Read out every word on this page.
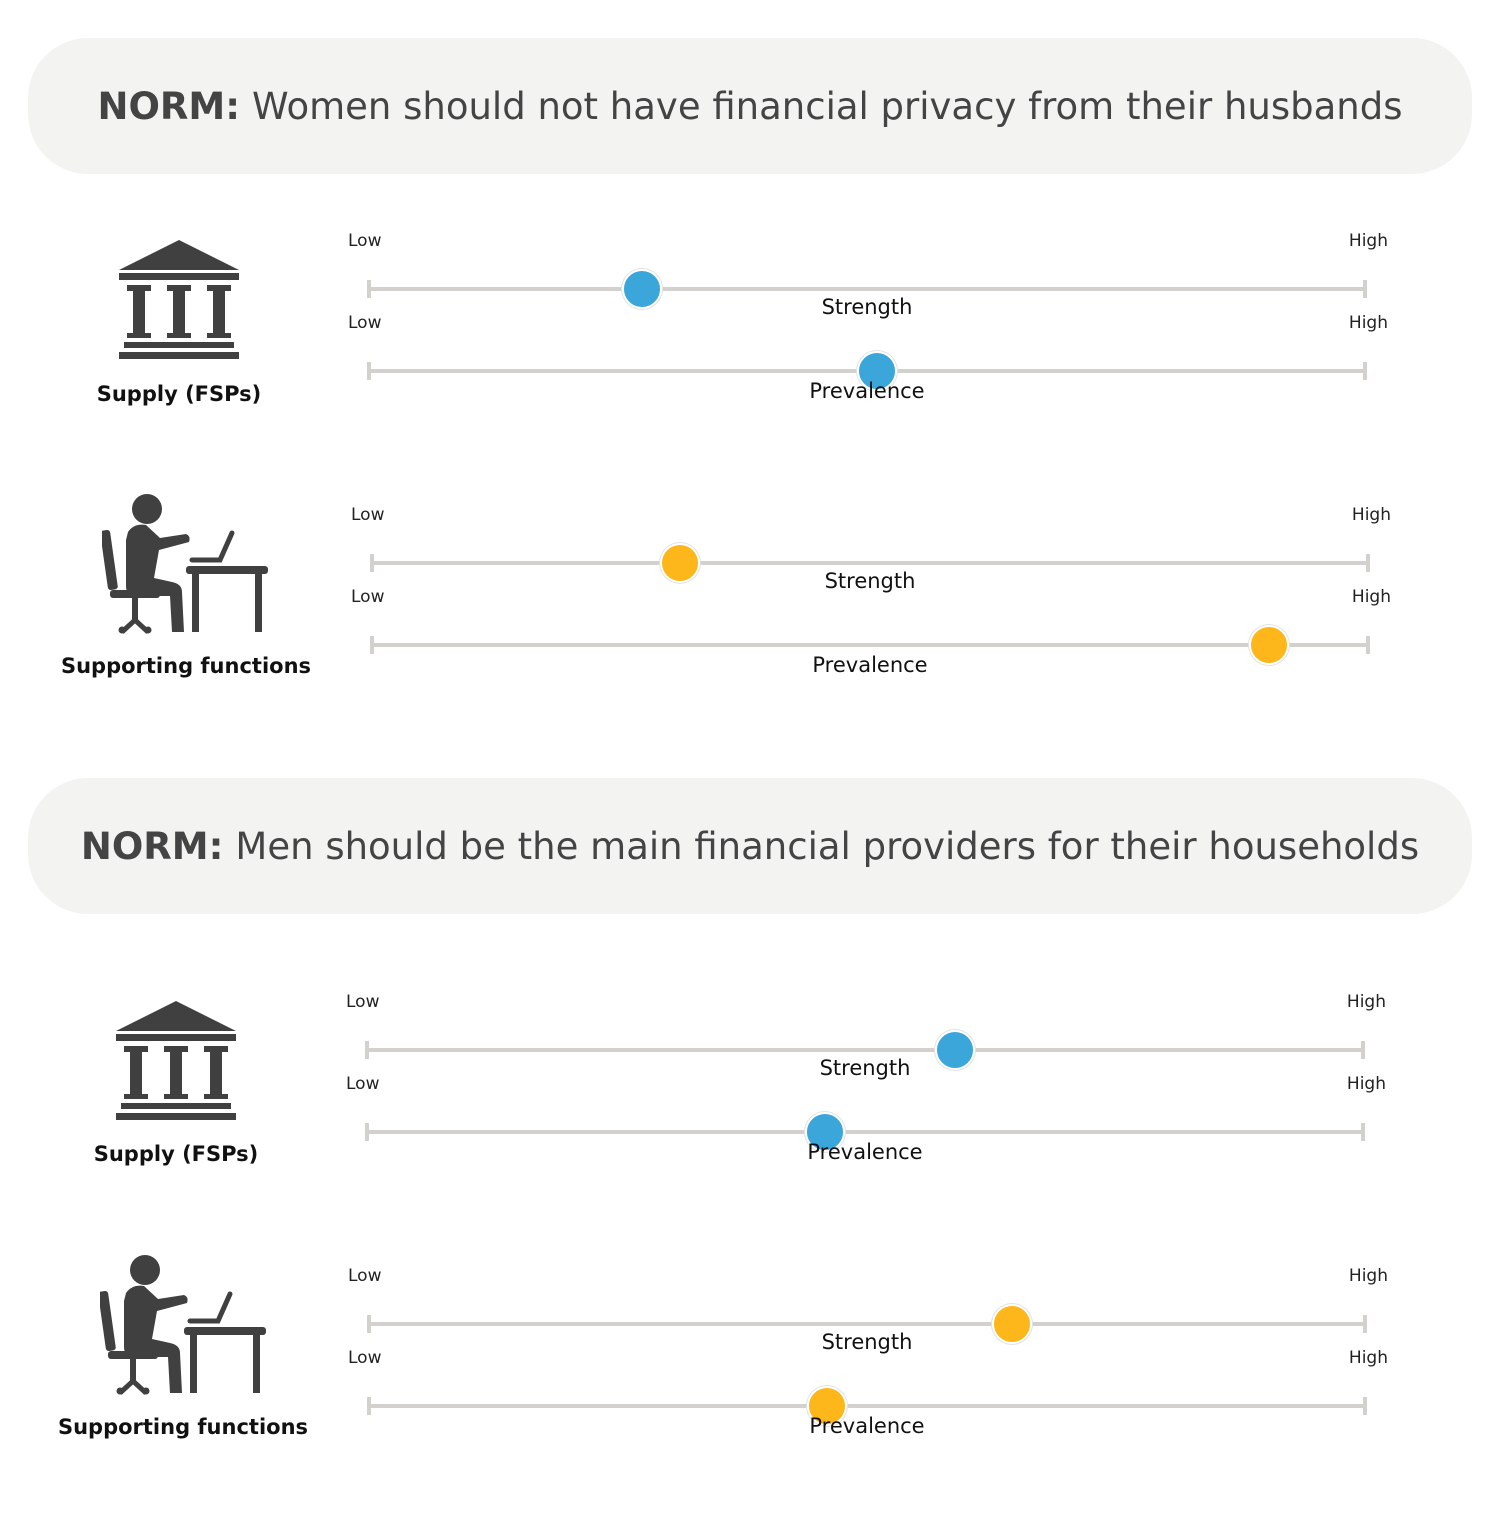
NORM: Women should not have financial privacy from their husbands
Supply (FSPs)
Low	High
Strength
Low	High
Prevalence
Supporting functions
Low	High
Strength
Low	High
Prevalence
NORM: Men should be the main financial providers for their households
Supply (FSPs)
Low	High
Strength
Low	High
Prevalence
Supporting functions
Low	High
Strength
Low	High
Prevalence
